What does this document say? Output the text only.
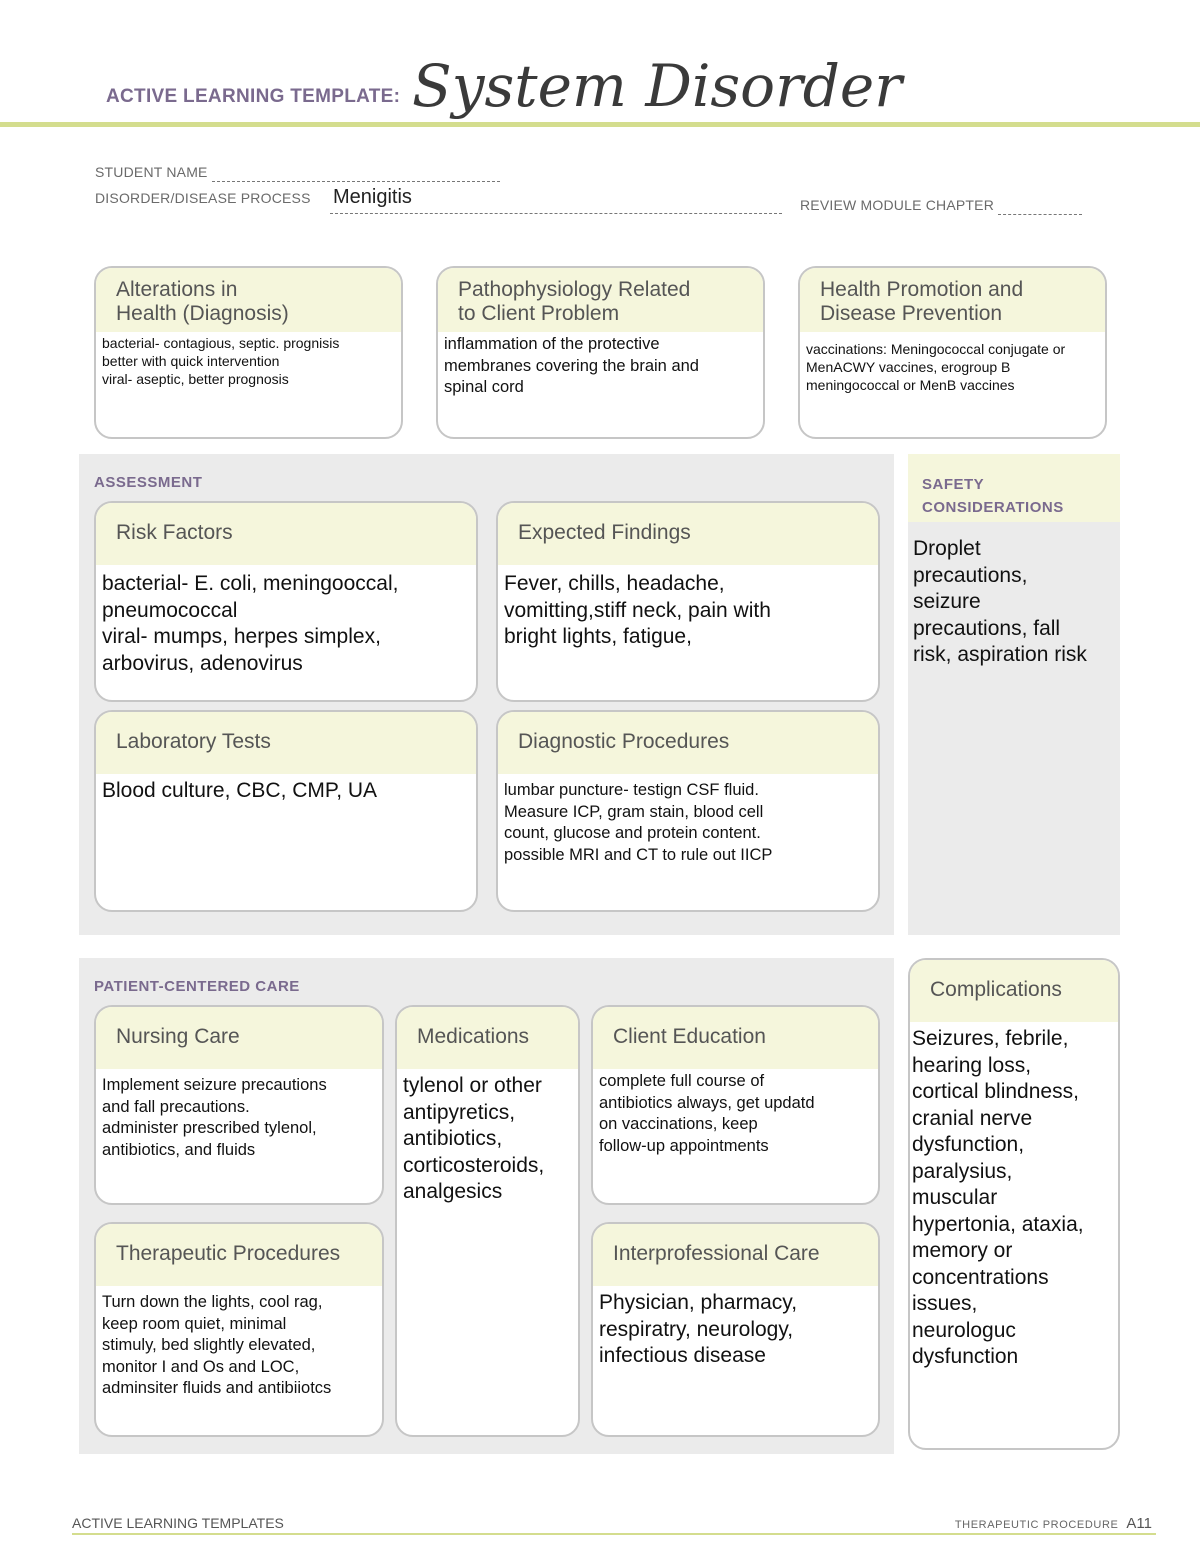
ACTIVE LEARNING TEMPLATE: System Disorder
STUDENT NAME
DISORDER/DISEASE PROCESS Menigitis	REVIEW MODULE CHAPTER
Alterations in
Health (Diagnosis)
bacterial- contagious, septic. prognisis
better with quick intervention
viral- aseptic, better prognosis
Pathophysiology Related
to Client Problem
inflammation of the protective
membranes covering the brain and
spinal cord
Health Promotion and
Disease Prevention
vaccinations: Meningococcal conjugate or
MenACWY vaccines, erogroup B
meningococcal or MenB vaccines
ASSESSMENT
Risk Factors
bacterial- E. coli, meningooccal,
pneumococcal
viral- mumps, herpes simplex,
arbovirus, adenovirus
Expected Findings
Fever, chills, headache,
vomitting,stiff neck, pain with
bright lights, fatigue,
Laboratory Tests
Blood culture, CBC, CMP, UA
Diagnostic Procedures
lumbar puncture- testign CSF fluid.
Measure ICP, gram stain, blood cell
count, glucose and protein content.
possible MRI and CT to rule out IICP
SAFETY
CONSIDERATIONS
Droplet
precautions,
seizure
precautions, fall
risk, aspiration risk
PATIENT-CENTERED CARE
Nursing Care
Implement seizure precautions
and fall precautions.
administer prescribed tylenol,
antibiotics, and fluids
Medications
tylenol or other
antipyretics,
antibiotics,
corticosteroids,
analgesics
Client Education
complete full course of
antibiotics always, get updatd
on vaccinations, keep
follow-up appointments
Therapeutic Procedures
Turn down the lights, cool rag,
keep room quiet, minimal
stimuly, bed slightly elevated,
monitor I and Os and LOC,
adminsiter fluids and antibiiotcs
Interprofessional Care
Physician, pharmacy,
respiratry, neurology,
infectious disease
Complications
Seizures, febrile,
hearing loss,
cortical blindness,
cranial nerve
dysfunction,
paralysius,
muscular
hypertonia, ataxia,
memory or
concentrations
issues,
neurologuc
dysfunction
ACTIVE LEARNING TEMPLATES	THERAPEUTIC PROCEDURE A11
